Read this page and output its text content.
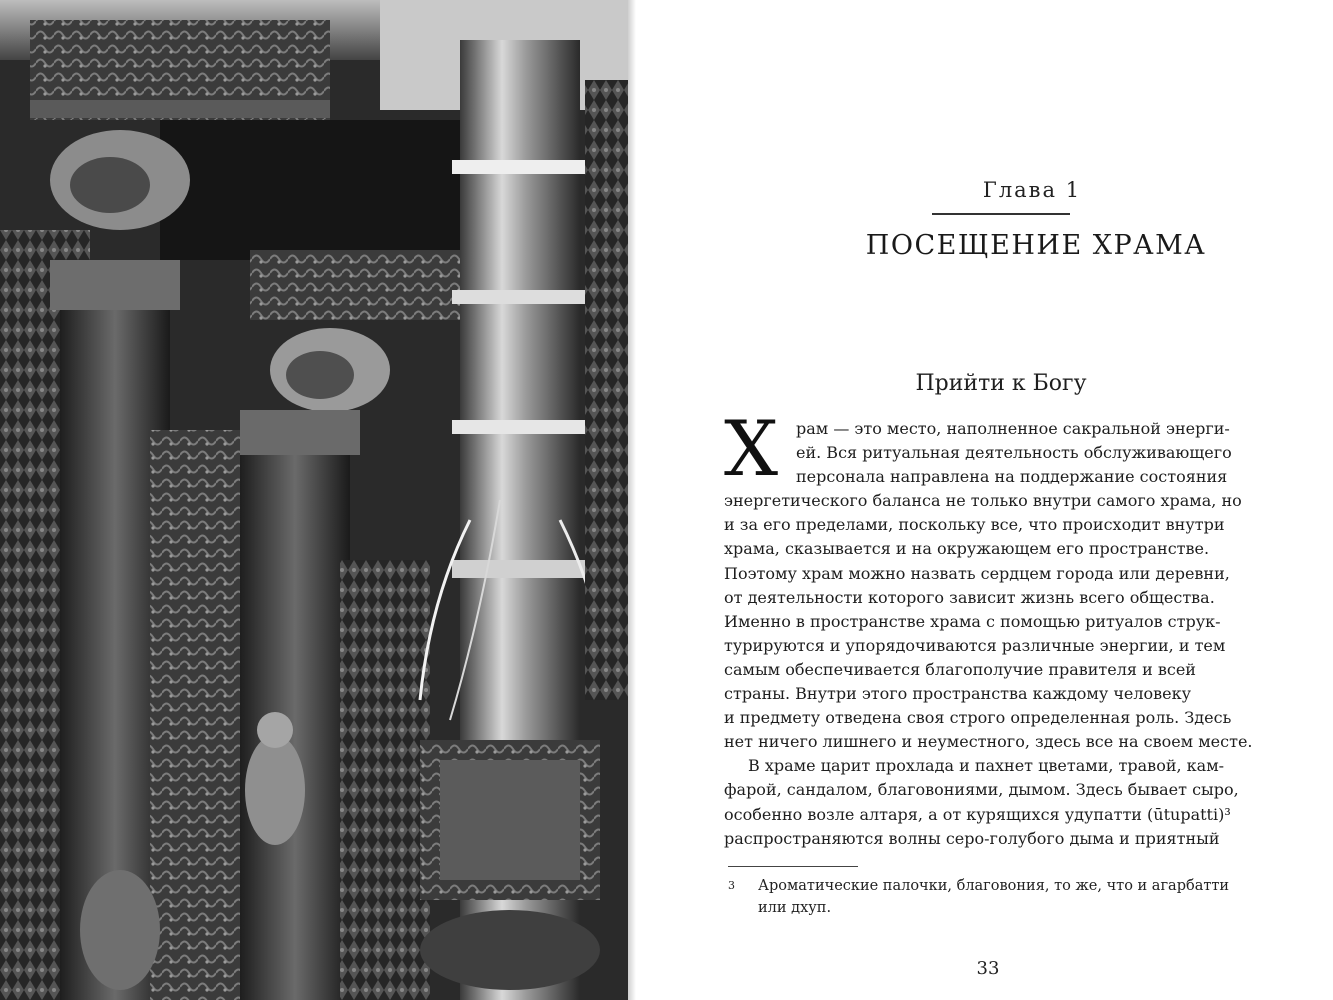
Глава 1
ПОСЕЩЕНИЕ ХРАМА
Прийти к Богу
Х	рам — это место, наполненное сакральной энерги-
ей. Вся ритуальная деятельность обслуживающего
персонала направлена на поддержание состояния
энергетического баланса не только внутри самого храма, но
и за его пределами, поскольку все, что происходит внутри
храма, сказывается и на окружающем его пространстве.
Поэтому храм можно назвать сердцем города или деревни,
от деятельности которого зависит жизнь всего общества.
Именно в пространстве храма с помощью ритуалов струк-
турируются и упорядочиваются различные энергии, и тем
самым обеспечивается благополучие правителя и всей
страны. Внутри этого пространства каждому человеку
и предмету отведена своя строго определенная роль. Здесь
нет ничего лишнего и неуместного, здесь все на своем месте.
В храме царит прохлада и пахнет цветами, травой, кам-
фарой, сандалом, благовониями, дымом. Здесь бывает сыро,
особенно возле алтаря, а от курящихся удупатти (ūtupatti)³
распространяются волны серо-голубого дыма и приятный
3 Ароматические палочки, благовония, то же, что и агарбатти
или дхуп.
33
